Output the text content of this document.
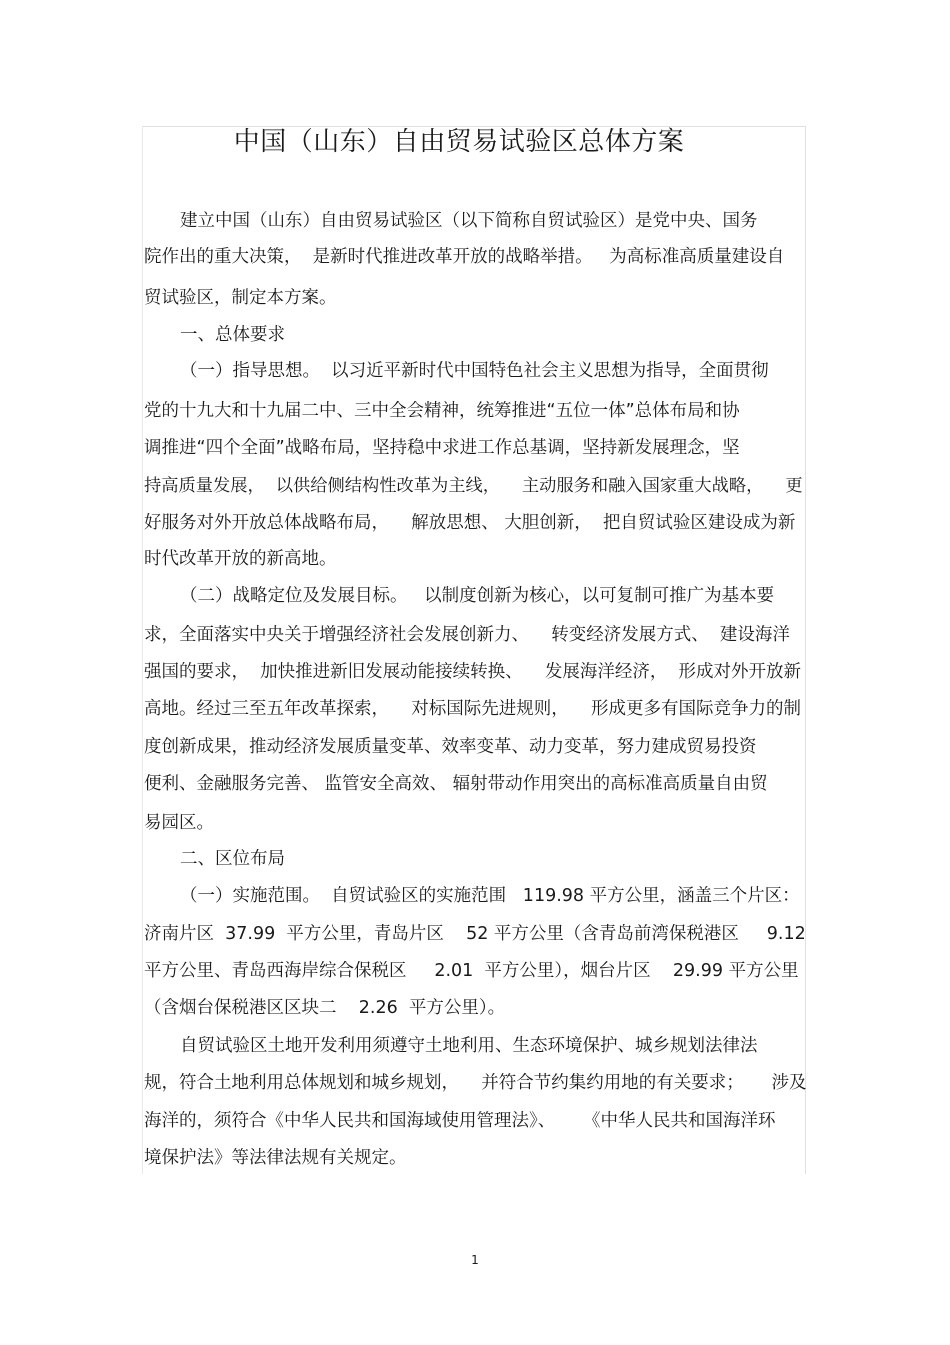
中国（山东）自由贸易试验区总体方案

建立中国（山东）自由贸易试验区（以下简称自贸试验区）是党中央、国务

院作出的重大决策，  是新时代推进改革开放的战略举措。   为高标准高质量建设自

贸试验区，制定本方案。

一、总体要求

（一）指导思想。  以习近平新时代中国特色社会主义思想为指导，全面贯彻

党的十九大和十九届二中、三中全会精神，统筹推进“五位一体”总体布局和协

调推进“四个全面”战略布局，坚持稳中求进工作总基调，坚持新发展理念，坚

持高质量发展，  以供给侧结构性改革为主线，    主动服务和融入国家重大战略，    更

好服务对外开放总体战略布局，    解放思想、 大胆创新，  把自贸试验区建设成为新

时代改革开放的新高地。

（二）战略定位及发展目标。   以制度创新为核心，以可复制可推广为基本要

求，全面落实中央关于增强经济社会发展创新力、    转变经济发展方式、  建设海洋

强国的要求，  加快推进新旧发展动能接续转换、    发展海洋经济，  形成对外开放新

高地。经过三至五年改革探索，    对标国际先进规则，    形成更多有国际竞争力的制

度创新成果，推动经济发展质量变革、效率变革、动力变革，努力建成贸易投资

便利、金融服务完善、 监管安全高效、 辐射带动作用突出的高标准高质量自由贸

易园区。

二、区位布局

（一）实施范围。  自贸试验区的实施范围   119.98 平方公里，涵盖三个片区：

济南片区  37.99  平方公里，青岛片区    52 平方公里（含青岛前湾保税港区     9.12

平方公里、青岛西海岸综合保税区     2.01  平方公里），烟台片区    29.99 平方公里

（含烟台保税港区区块二    2.26  平方公里）。

自贸试验区土地开发利用须遵守土地利用、生态环境保护、城乡规划法律法

规，符合土地利用总体规划和城乡规划，    并符合节约集约用地的有关要求；     涉及

海洋的，须符合《中华人民共和国海域使用管理法》、     《中华人民共和国海洋环

境保护法》等法律法规有关规定。

1
